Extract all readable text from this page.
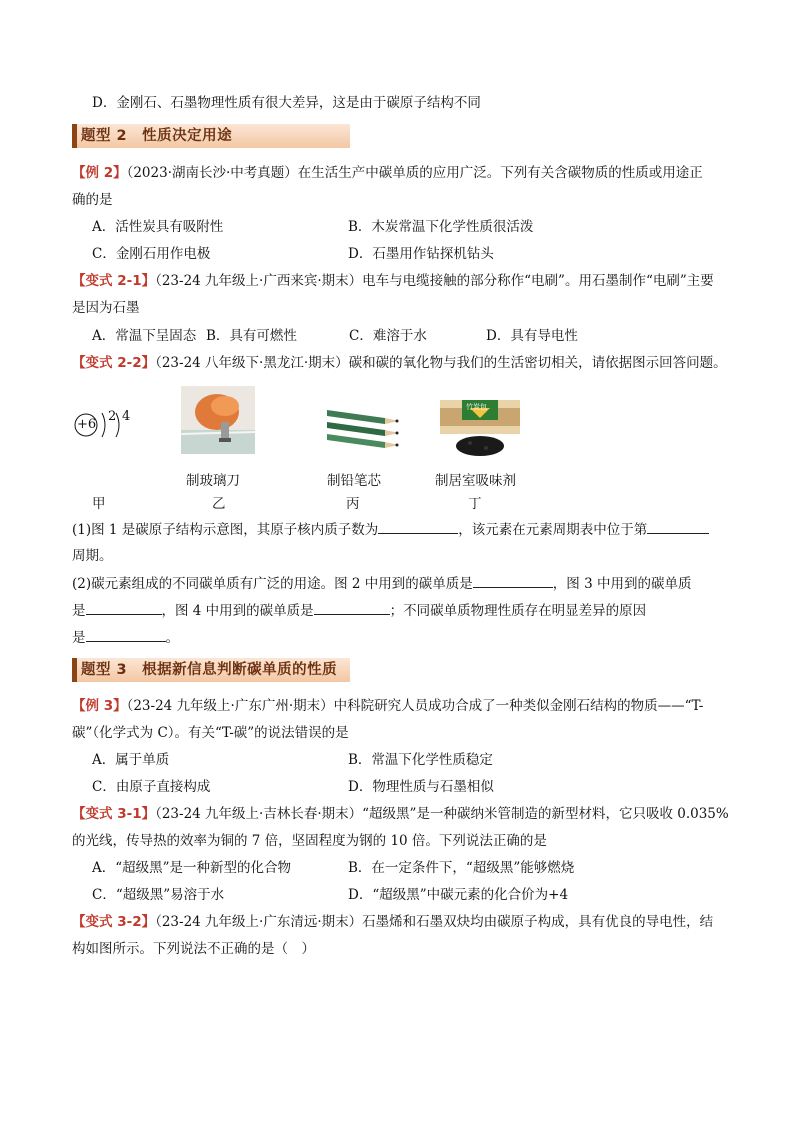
D．金刚石、石墨物理性质有很大差异，这是由于碳原子结构不同
题型 2　性质决定用途
【例 2】（2023·湖南长沙·中考真题）在生活生产中碳单质的应用广泛。下列有关含碳物质的性质或用途正
确的是
A．活性炭具有吸附性	B．木炭常温下化学性质很活泼
C．金刚石用作电极	D．石墨用作钻探机钻头
【变式 2-1】（23-24 九年级上·广西来宾·期末）电车与电缆接触的部分称作“电刷”。用石墨制作“电刷”主要
是因为石墨
A．常温下呈固态 B．具有可燃性	C．难溶于水	D．具有导电性
【变式 2-2】（23-24 八年级下·黑龙江·期末）碳和碳的氧化物与我们的生活密切相关，请依据图示回答问题。
+6
2 4
竹炭包
制玻璃刀	制铅笔芯	制居室吸味剂
甲	乙	丙	丁
(1)图 1 是碳原子结构示意图，其原子核内质子数为	，该元素在元素周期表中位于第
周期。
(2)碳元素组成的不同碳单质有广泛的用途。图 2 中用到的碳单质是	，图 3 中用到的碳单质
是	，图 4 中用到的碳单质是	；不同碳单质物理性质存在明显差异的原因
是	。
题型 3　根据新信息判断碳单质的性质
【例 3】（23-24 九年级上·广东广州·期末）中科院研究人员成功合成了一种类似金刚石结构的物质——“T-
碳”（化学式为 C）。有关“T-碳”的说法错误的是
A．属于单质	B．常温下化学性质稳定
C．由原子直接构成	D．物理性质与石墨相似
【变式 3-1】（23-24 九年级上·吉林长春·期末）“超级黑”是一种碳纳米管制造的新型材料，它只吸收 0.035%
的光线，传导热的效率为铜的 7 倍，坚固程度为钢的 10 倍。下列说法正确的是
A．“超级黑”是一种新型的化合物	B．在一定条件下，“超级黑”能够燃烧
C．“超级黑”易溶于水	D．“超级黑”中碳元素的化合价为+4
【变式 3-2】（23-24 九年级上·广东清远·期末）石墨烯和石墨双炔均由碳原子构成，具有优良的导电性，结
构如图所示。下列说法不正确的是（　）
